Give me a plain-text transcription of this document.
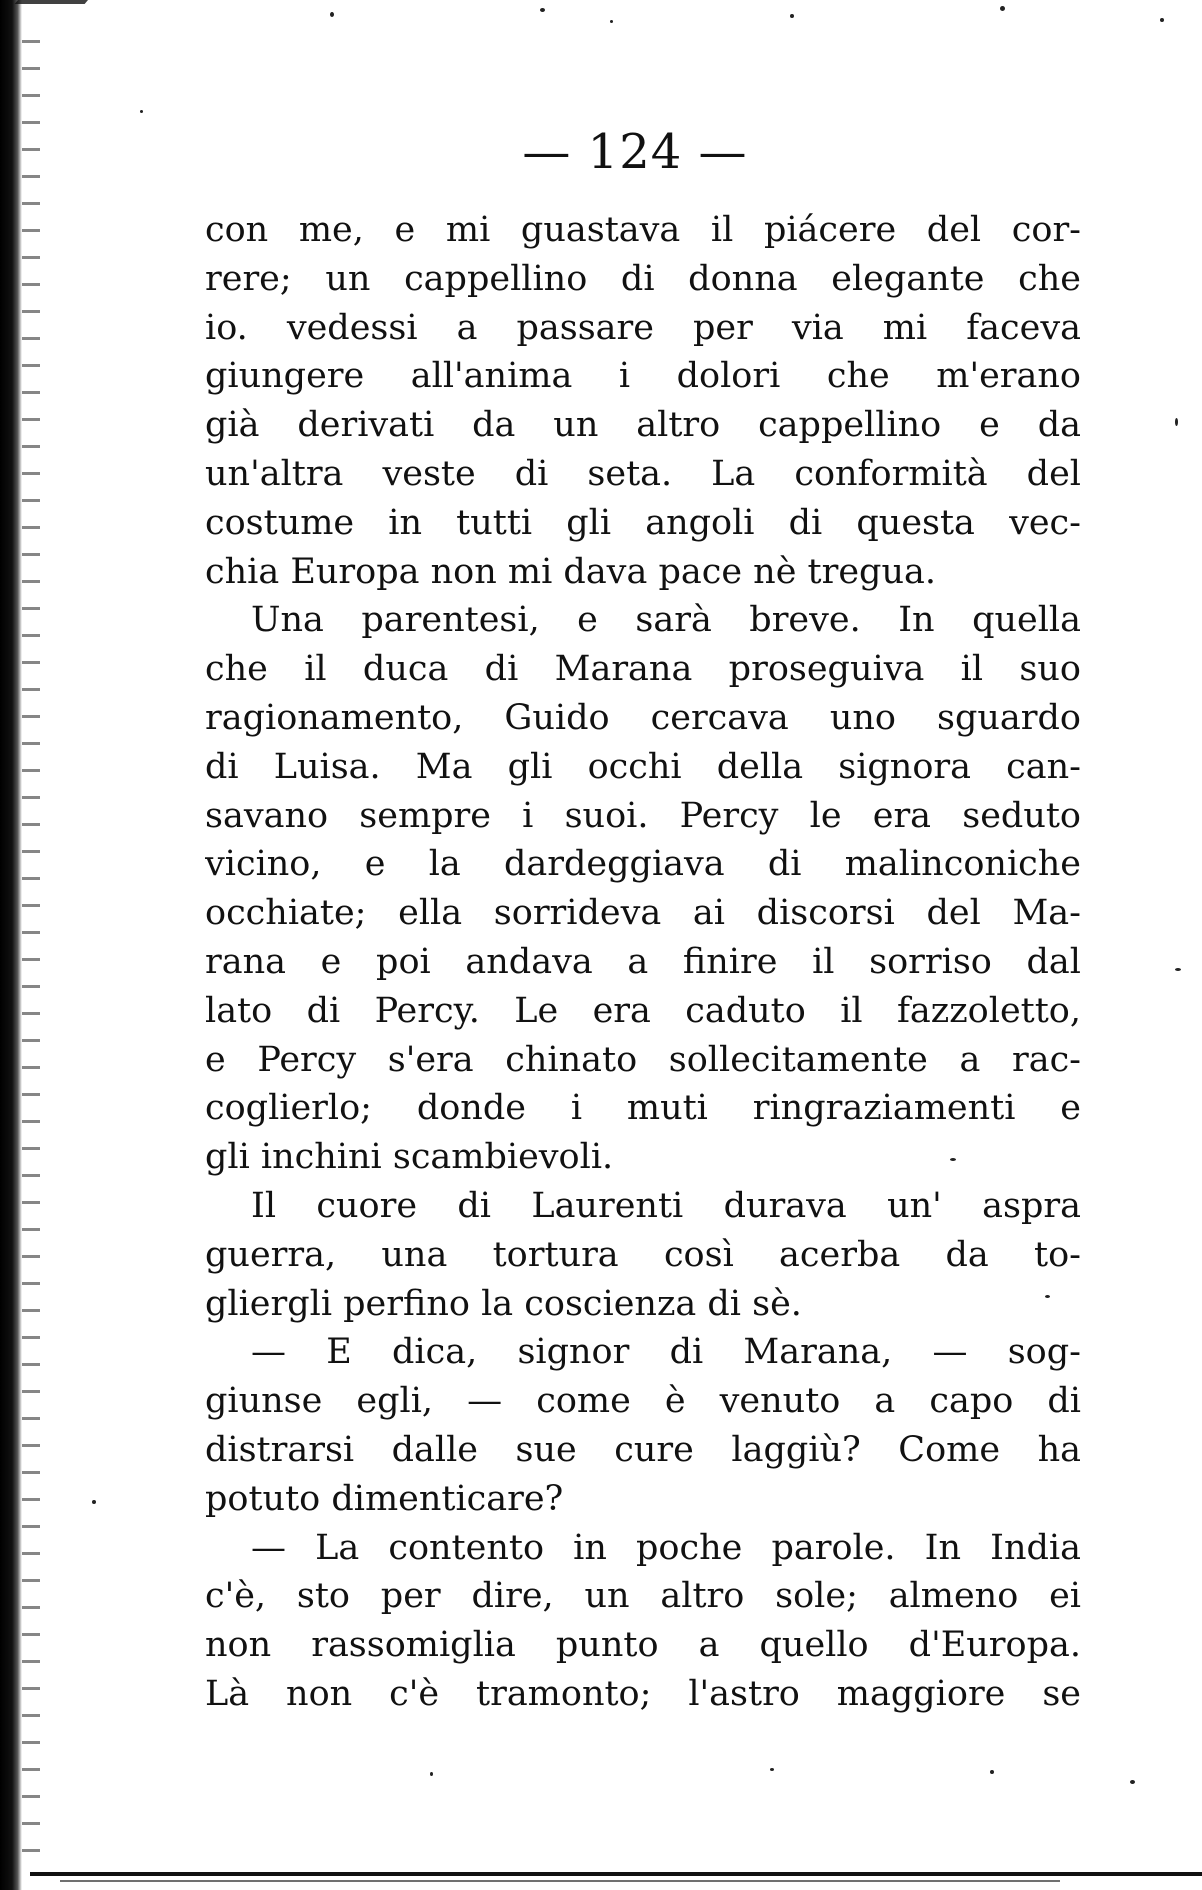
— 124 —
con me, e mi guastava il piácere del cor-
rere; un cappellino di donna elegante che
io. vedessi a passare per via mi faceva
giungere all'anima i dolori che m'erano
già derivati da un altro cappellino e da
un'altra veste di seta. La conformità del
costume in tutti gli angoli di questa vec-
chia Europa non mi dava pace nè tregua.
Una parentesi, e sarà breve. In quella
che il duca di Marana proseguiva il suo
ragionamento, Guido cercava uno sguardo
di Luisa. Ma gli occhi della signora can-
savano sempre i suoi. Percy le era seduto
vicino, e la dardeggiava di malinconiche
occhiate; ella sorrideva ai discorsi del Ma-
rana e poi andava a finire il sorriso dal
lato di Percy. Le era caduto il fazzoletto,
e Percy s'era chinato sollecitamente a rac-
coglierlo; donde i muti ringraziamenti e
gli inchini scambievoli.
Il cuore di Laurenti durava un' aspra
guerra, una tortura così acerba da to-
gliergli perfino la coscienza di sè.
— E dica, signor di Marana, — sog-
giunse egli, — come è venuto a capo di
distrarsi dalle sue cure laggiù? Come ha
potuto dimenticare?
— La contento in poche parole. In India
c'è, sto per dire, un altro sole; almeno ei
non rassomiglia punto a quello d'Europa.
Là non c'è tramonto; l'astro maggiore se
